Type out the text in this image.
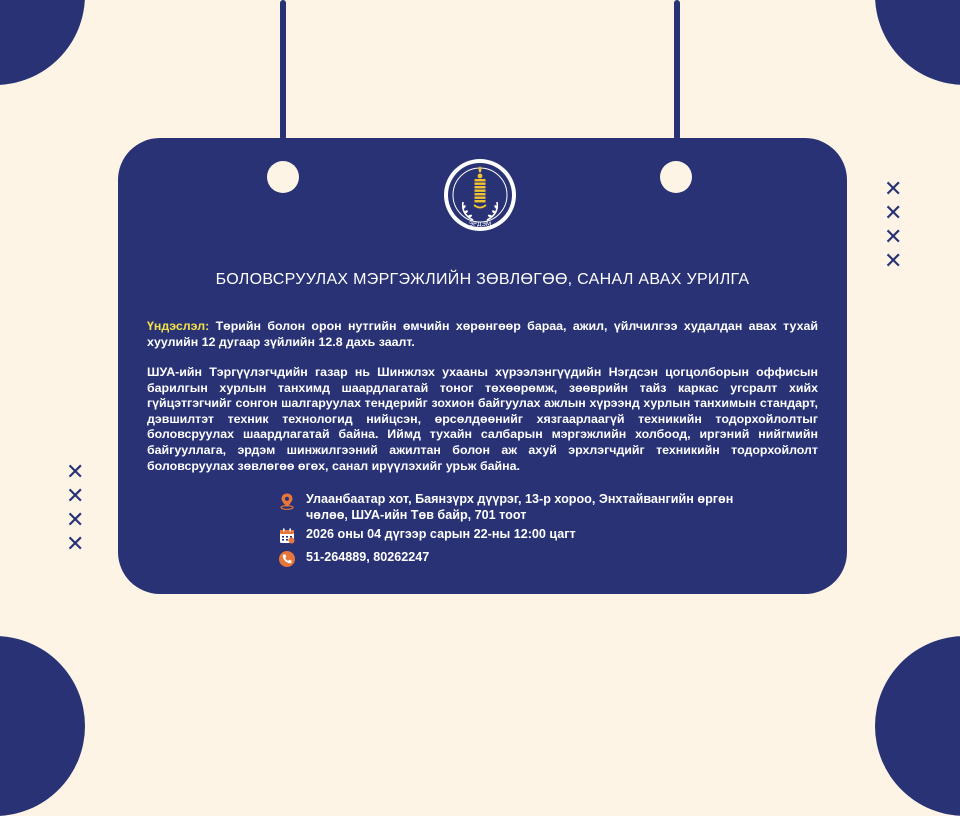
✕
✕
✕
✕
✕
✕
✕
✕
ЭРДЭМ
БОЛОВСРУУЛАХ МЭРГЭЖЛИЙН ЗӨВЛӨГӨӨ, САНАЛ АВАХ УРИЛГА
Үндэслэл: Төрийн болон орон нутгийн өмчийн хөрөнгөөр бараа, ажил, үйлчилгээ худалдан авах тухай хуулийн 12 дугаар зүйлийн 12.8 дахь заалт.
ШУА-ийн Тэргүүлэгчдийн газар нь Шинжлэх ухааны хүрээлэнгүүдийн Нэгдсэн цогцолборын оффисын барилгын хурлын танхимд шаардлагатай тоног төхөөрөмж, зөөврийн тайз каркас угсралт хийх гүйцэтгэгчийг сонгон шалгаруулах тендерийг зохион байгуулах ажлын хүрээнд хурлын танхимын стандарт, дэвшилтэт техник технологид нийцсэн, өрсөлдөөнийг хязгаарлаагүй техникийн тодорхойлолтыг боловсруулах шаардлагатай байна. Иймд тухайн салбарын мэргэжлийн холбоод, иргэний нийгмийн байгууллага, эрдэм шинжилгээний ажилтан болон аж ахуй эрхлэгчдийг техникийн тодорхойлолт боловсруулах зөвлөгөө өгөх, санал ирүүлэхийг урьж байна.
Улаанбаатар хот, Баянзүрх дүүрэг, 13-р хороо, Энхтайвангийн өргөн чөлөө, ШУА-ийн Төв байр, 701 тоот
2026 оны 04 дүгээр сарын 22-ны 12:00 цагт
51-264889, 80262247
